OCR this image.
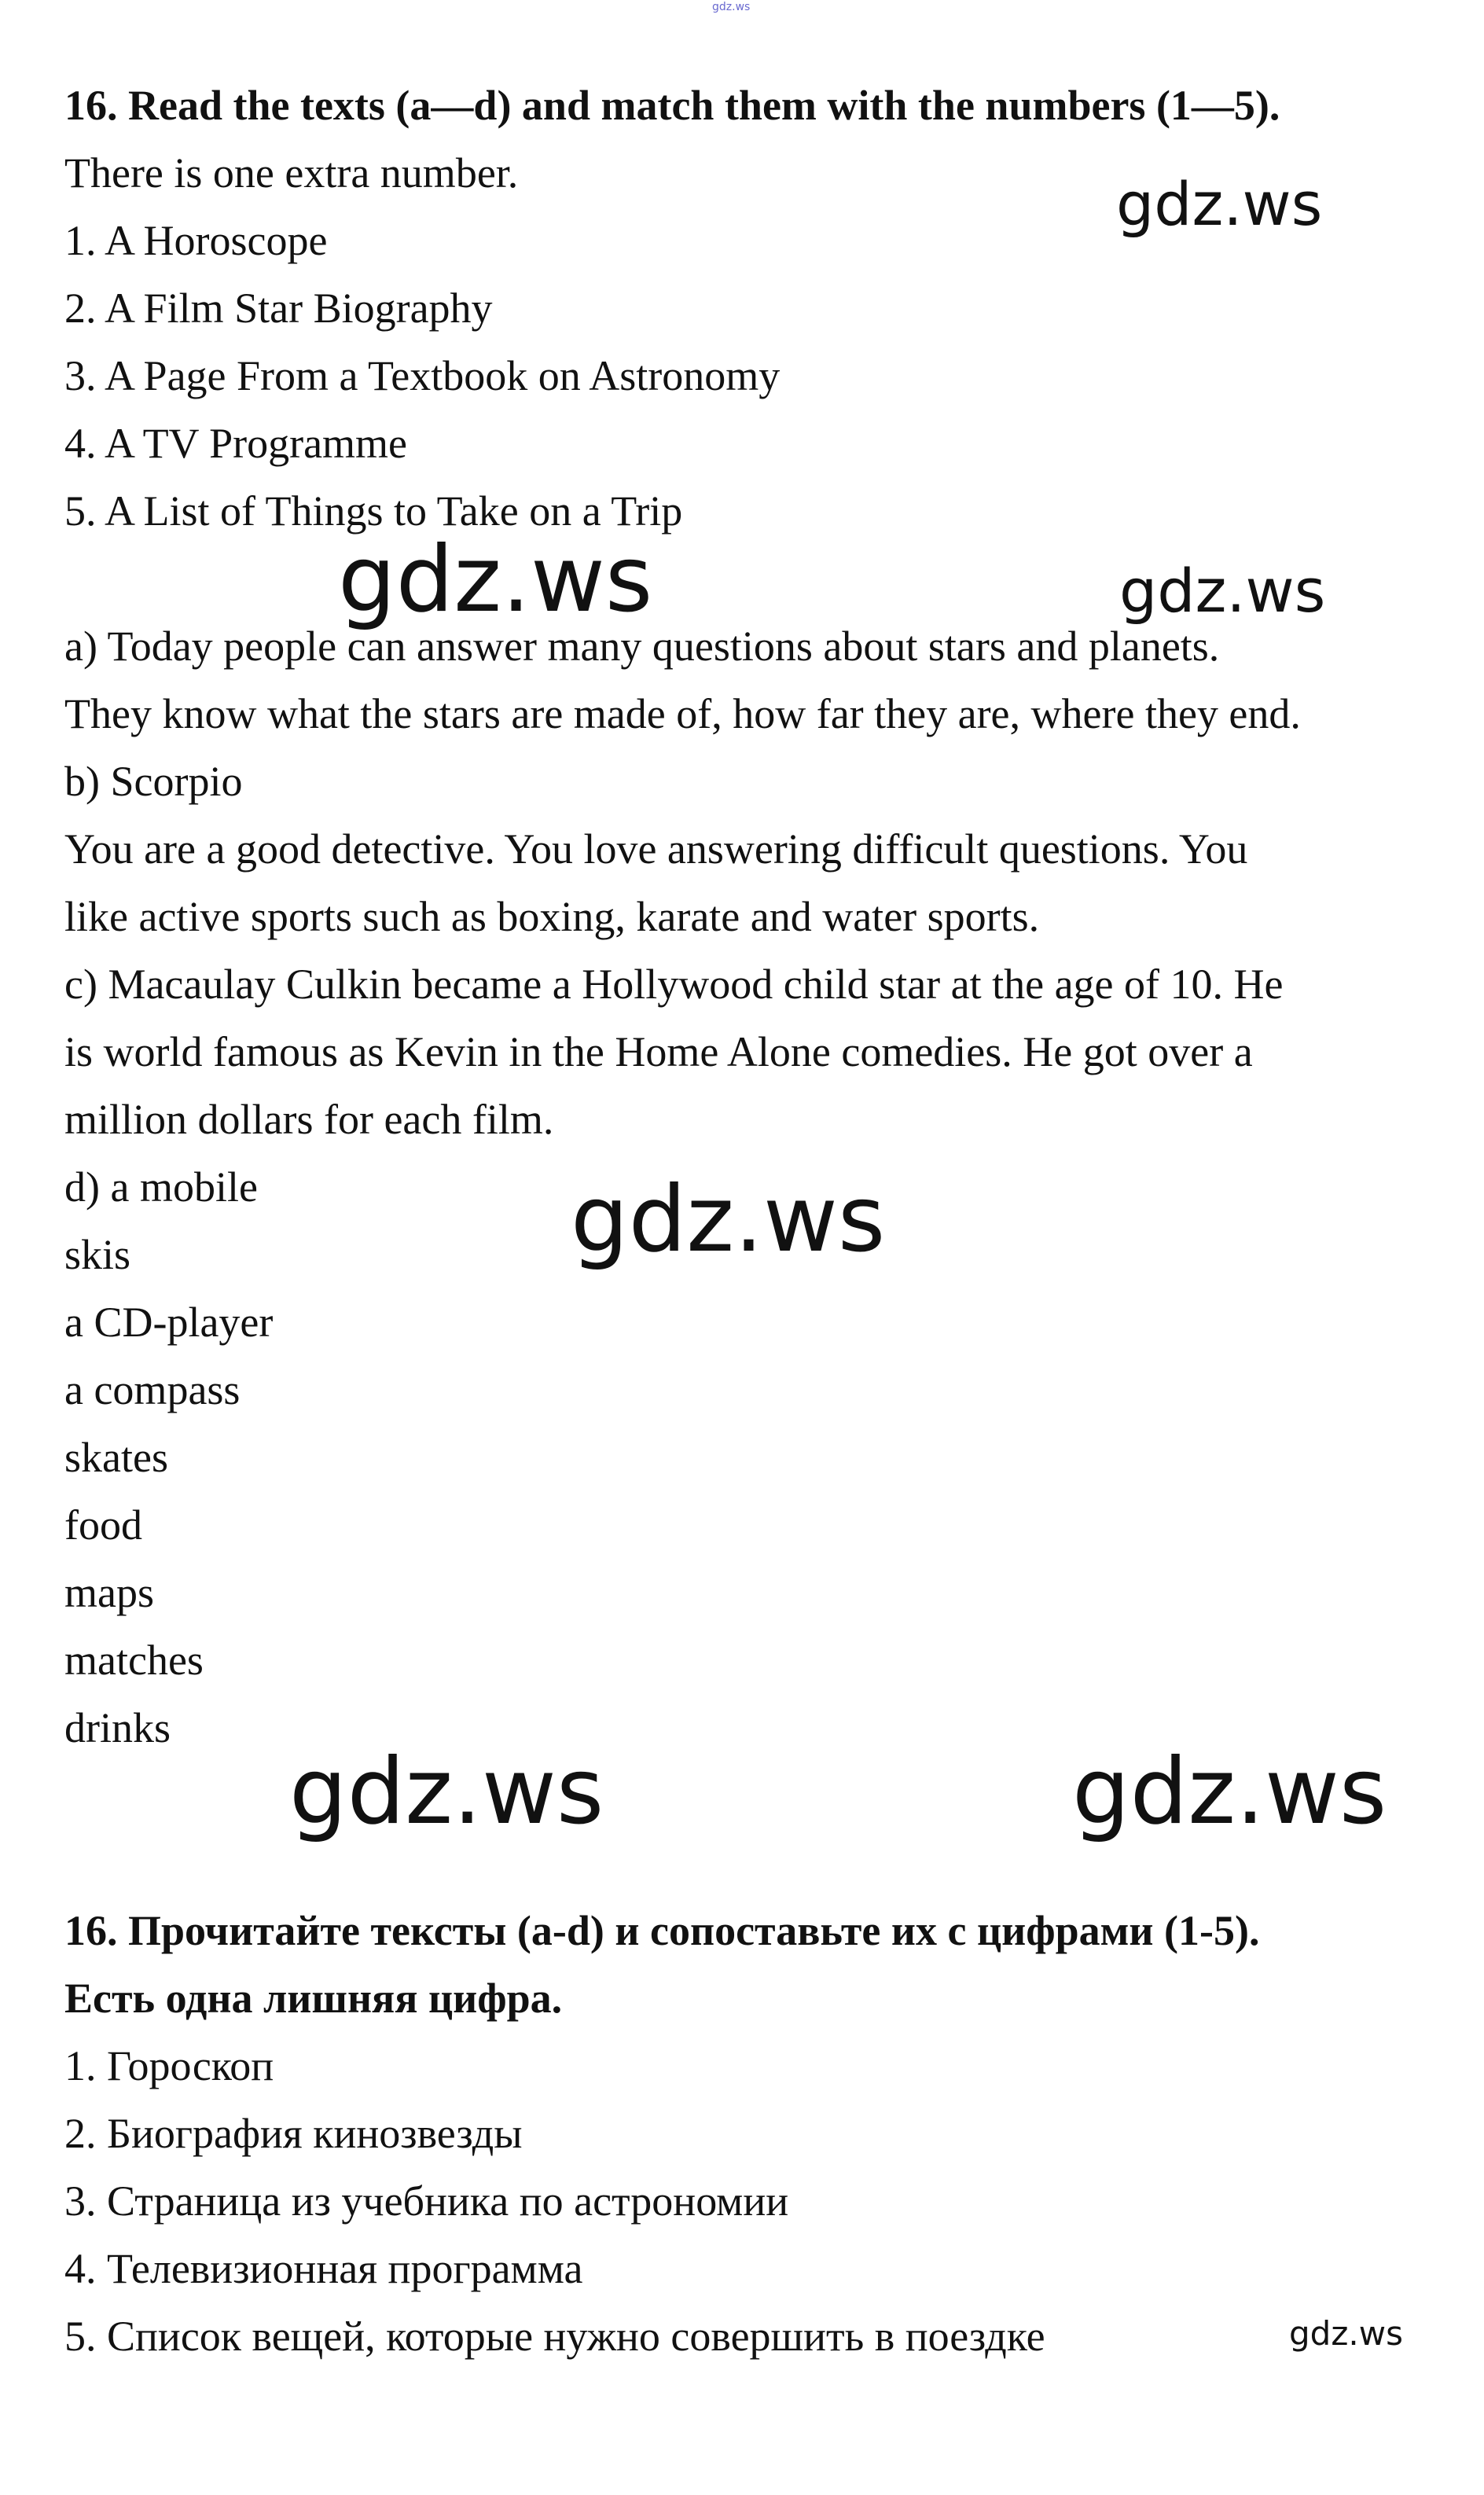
gdz.ws
gdz.ws
gdz.ws	gdz.ws
gdz.ws
gdz.ws	gdz.ws
gdz.ws
16. Read the texts (a—d) and match them with the numbers (1—5).
There is one extra number.
1. A Horoscope
2. A Film Star Biography
3. A Page From a Textbook on Astronomy
4. A TV Programme
5. A List of Things to Take on a Trip
a) Today people can answer many questions about stars and planets.
They know what the stars are made of, how far they are, where they end.
b) Scorpio
You are a good detective. You love answering difficult questions. You
like active sports such as boxing, karate and water sports.
c) Macaulay Culkin became a Hollywood child star at the age of 10. He
is world famous as Kevin in the Home Alone comedies. He got over a
million dollars for each film.
d) a mobile
skis
a CD-player
a compass
skates
food
maps
matches
drinks
16. Прочитайте тексты (a-d) и сопоставьте их с цифрами (1-5).
Есть одна лишняя цифра.
1. Гороскоп
2. Биография кинозвезды
3. Страница из учебника по астрономии
4. Телевизионная программа
5. Список вещей, которые нужно совершить в поездке
